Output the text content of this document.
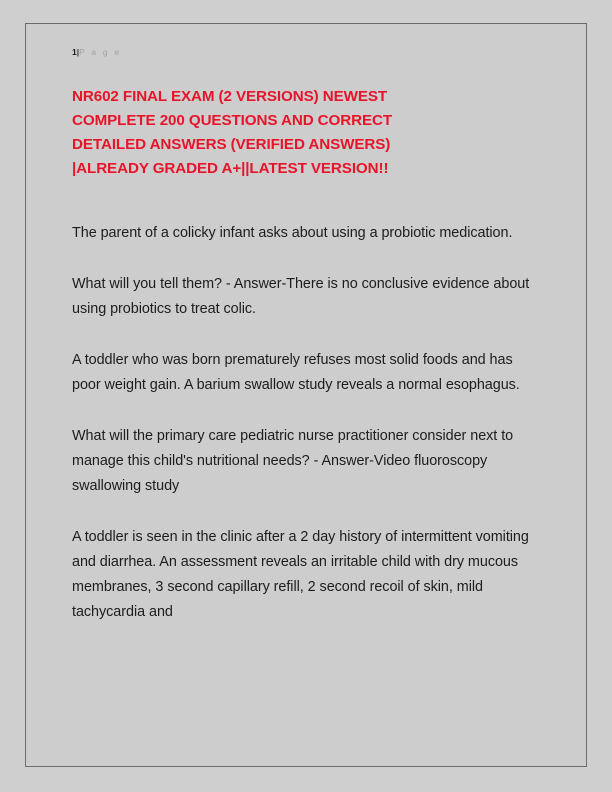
1|P a g e
NR602 FINAL EXAM (2 VERSIONS) NEWEST
COMPLETE 200 QUESTIONS AND CORRECT
DETAILED ANSWERS (VERIFIED ANSWERS)
|ALREADY GRADED A+||LATEST VERSION!!

The parent of a colicky infant asks about using a probiotic medication.

What will you tell them? - Answer-There is no conclusive evidence about using probiotics to treat colic.

A toddler who was born prematurely refuses most solid foods and has poor weight gain. A barium swallow study reveals a normal esophagus.

What will the primary care pediatric nurse practitioner consider next to manage this child's nutritional needs? - Answer-Video fluoroscopy swallowing study

A toddler is seen in the clinic after a 2 day history of intermittent vomiting and diarrhea. An assessment reveals an irritable child with dry mucous membranes, 3 second capillary refill, 2 second recoil of skin, mild tachycardia and
